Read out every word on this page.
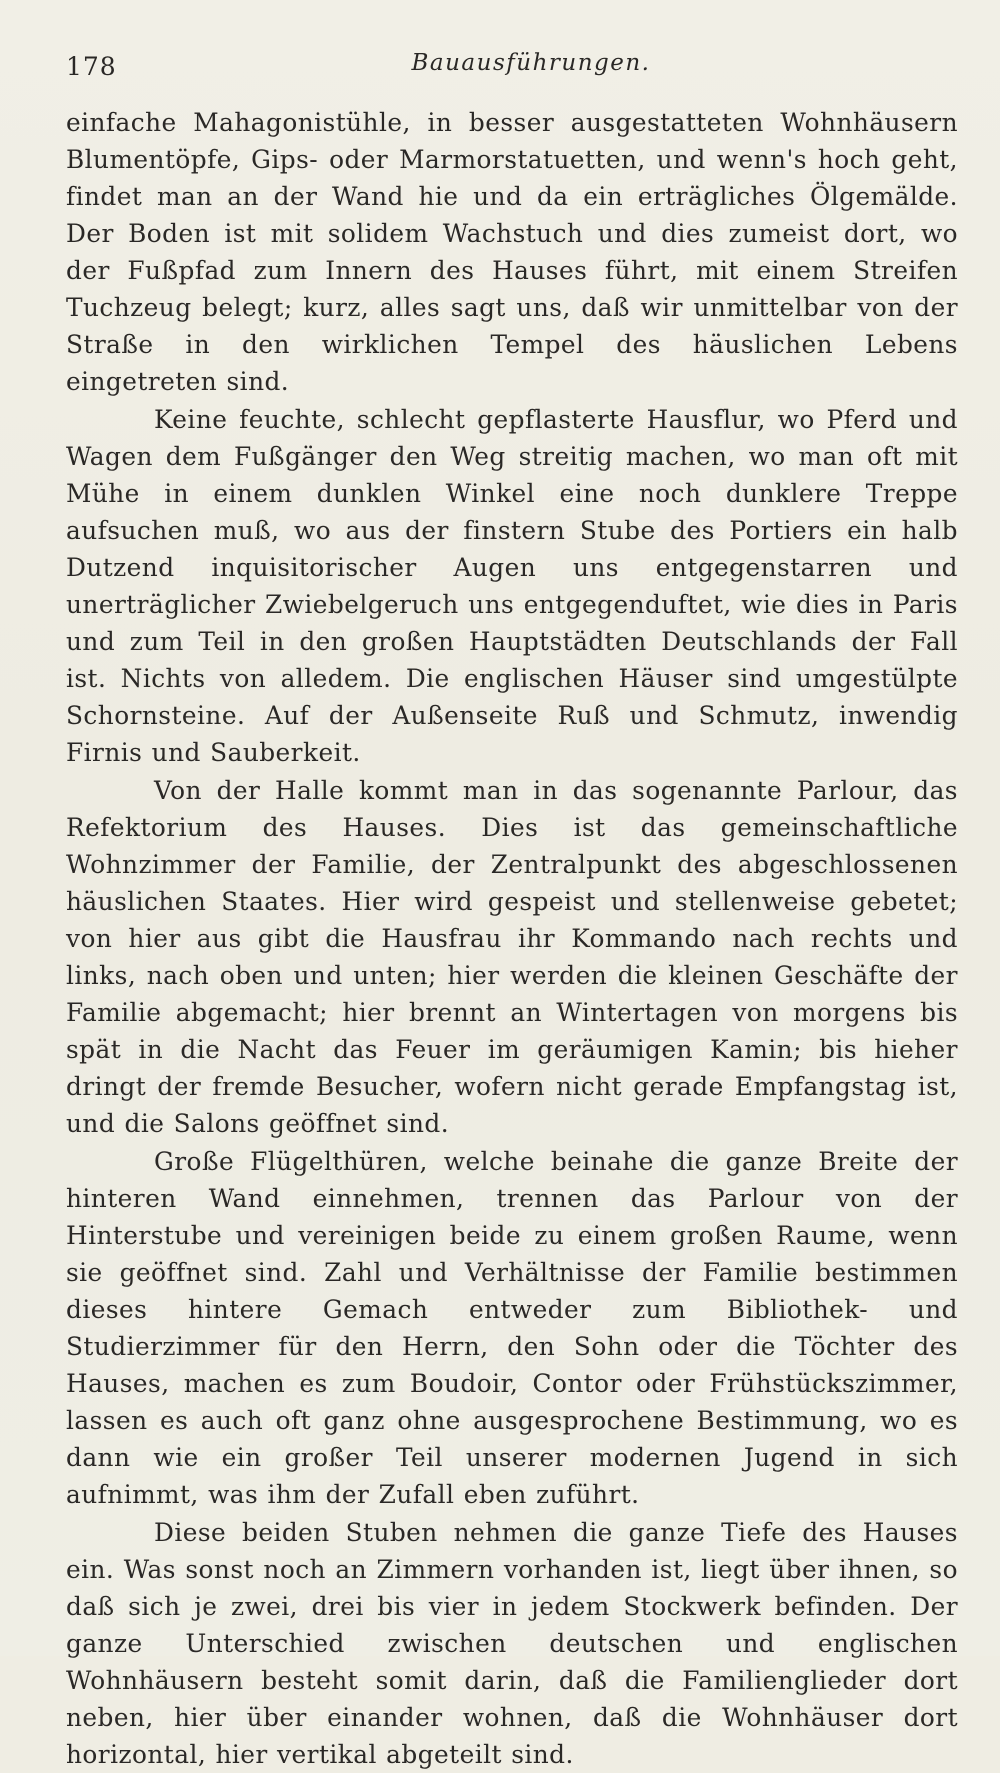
178	Bauausführungen.

einfache Mahagonistühle, in besser ausgestatteten Wohnhäusern Blumentöpfe, Gips- oder Marmorstatuetten, und wenn's hoch geht, findet man an der Wand hie und da ein erträgliches Ölgemälde. Der Boden ist mit solidem Wachstuch und dies zumeist dort, wo der Fußpfad zum Innern des Hauses führt, mit einem Streifen Tuchzeug belegt; kurz, alles sagt uns, daß wir unmittelbar von der Straße in den wirklichen Tempel des häuslichen Lebens eingetreten sind.

Keine feuchte, schlecht gepflasterte Hausflur, wo Pferd und Wagen dem Fußgänger den Weg streitig machen, wo man oft mit Mühe in einem dunklen Winkel eine noch dunklere Treppe aufsuchen muß, wo aus der finstern Stube des Portiers ein halb Dutzend inquisitorischer Augen uns entgegenstarren und unerträglicher Zwiebelgeruch uns entgegenduftet, wie dies in Paris und zum Teil in den großen Hauptstädten Deutschlands der Fall ist. Nichts von alledem. Die englischen Häuser sind umgestülpte Schornsteine. Auf der Außenseite Ruß und Schmutz, inwendig Firnis und Sauberkeit.

Von der Halle kommt man in das sogenannte Parlour, das Refektorium des Hauses. Dies ist das gemeinschaftliche Wohnzimmer der Familie, der Zentralpunkt des abgeschlossenen häuslichen Staates. Hier wird gespeist und stellenweise gebetet; von hier aus gibt die Hausfrau ihr Kommando nach rechts und links, nach oben und unten; hier werden die kleinen Geschäfte der Familie abgemacht; hier brennt an Wintertagen von morgens bis spät in die Nacht das Feuer im geräumigen Kamin; bis hieher dringt der fremde Besucher, wofern nicht gerade Empfangstag ist, und die Salons geöffnet sind.

Große Flügelthüren, welche beinahe die ganze Breite der hinteren Wand einnehmen, trennen das Parlour von der Hinterstube und vereinigen beide zu einem großen Raume, wenn sie geöffnet sind. Zahl und Verhältnisse der Familie bestimmen dieses hintere Gemach entweder zum Bibliothek- und Studierzimmer für den Herrn, den Sohn oder die Töchter des Hauses, machen es zum Boudoir, Contor oder Frühstückszimmer, lassen es auch oft ganz ohne ausgesprochene Bestimmung, wo es dann wie ein großer Teil unserer modernen Jugend in sich aufnimmt, was ihm der Zufall eben zuführt.

Diese beiden Stuben nehmen die ganze Tiefe des Hauses ein. Was sonst noch an Zimmern vorhanden ist, liegt über ihnen, so daß sich je zwei, drei bis vier in jedem Stockwerk befinden. Der ganze Unterschied zwischen deutschen und englischen Wohnhäusern besteht somit darin, daß die Familienglieder dort neben, hier über einander wohnen, daß die Wohnhäuser dort horizontal, hier vertikal abgeteilt sind.
